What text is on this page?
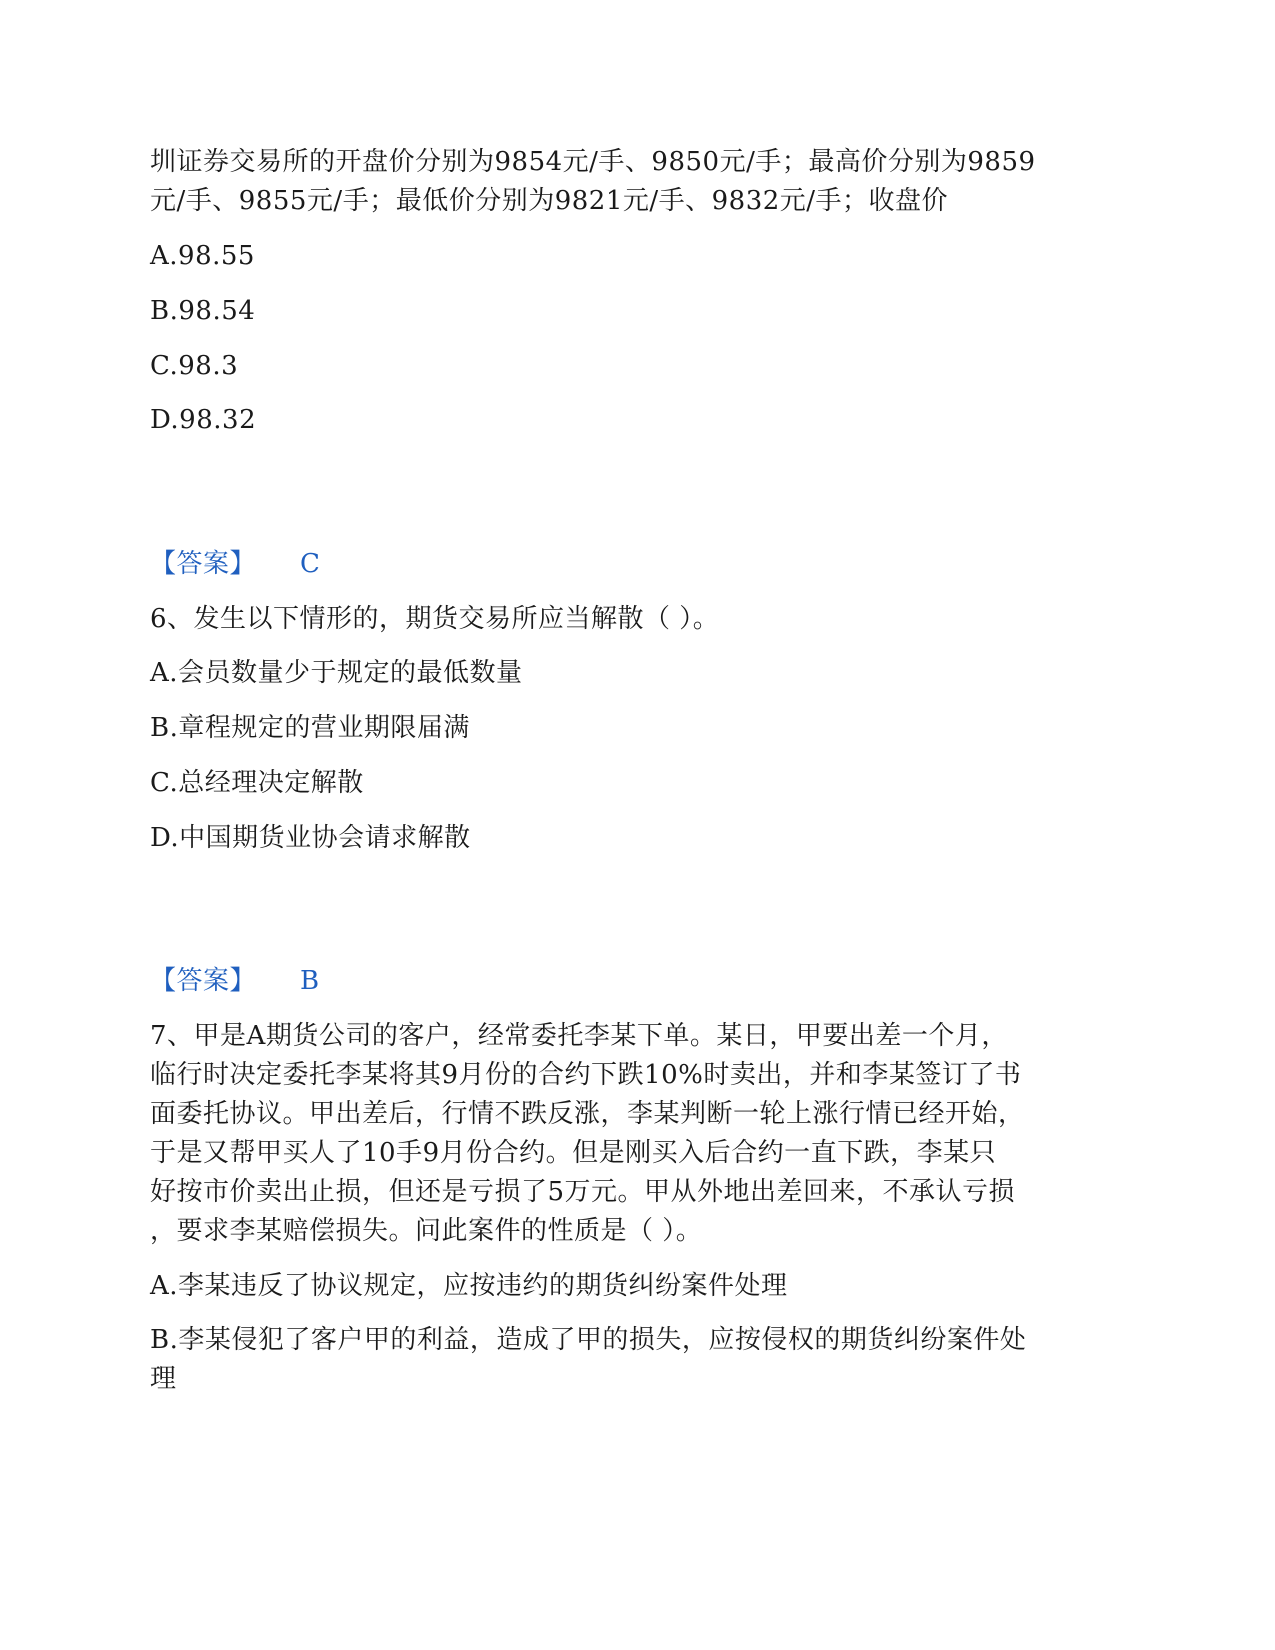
圳证券交易所的开盘价分别为9854元/手、9850元/手；最高价分别为9859
元/手、9855元/手；最低价分别为9821元/手、9832元/手；收盘价
A.98.55
B.98.54
C.98.3
D.98.32
【答案】 C
6、发生以下情形的，期货交易所应当解散（ ）。
A.会员数量少于规定的最低数量
B.章程规定的营业期限届满
C.总经理决定解散
D.中国期货业协会请求解散
【答案】 B
7、甲是A期货公司的客户，经常委托李某下单。某日，甲要出差一个月，
临行时决定委托李某将其9月份的合约下跌10%时卖出，并和李某签订了书
面委托协议。甲出差后，行情不跌反涨，李某判断一轮上涨行情已经开始，
于是又帮甲买人了10手9月份合约。但是刚买入后合约一直下跌，李某只
好按市价卖出止损，但还是亏损了5万元。甲从外地出差回来，不承认亏损
，要求李某赔偿损失。问此案件的性质是（ ）。
A.李某违反了协议规定，应按违约的期货纠纷案件处理
B.李某侵犯了客户甲的利益，造成了甲的损失，应按侵权的期货纠纷案件处
理
